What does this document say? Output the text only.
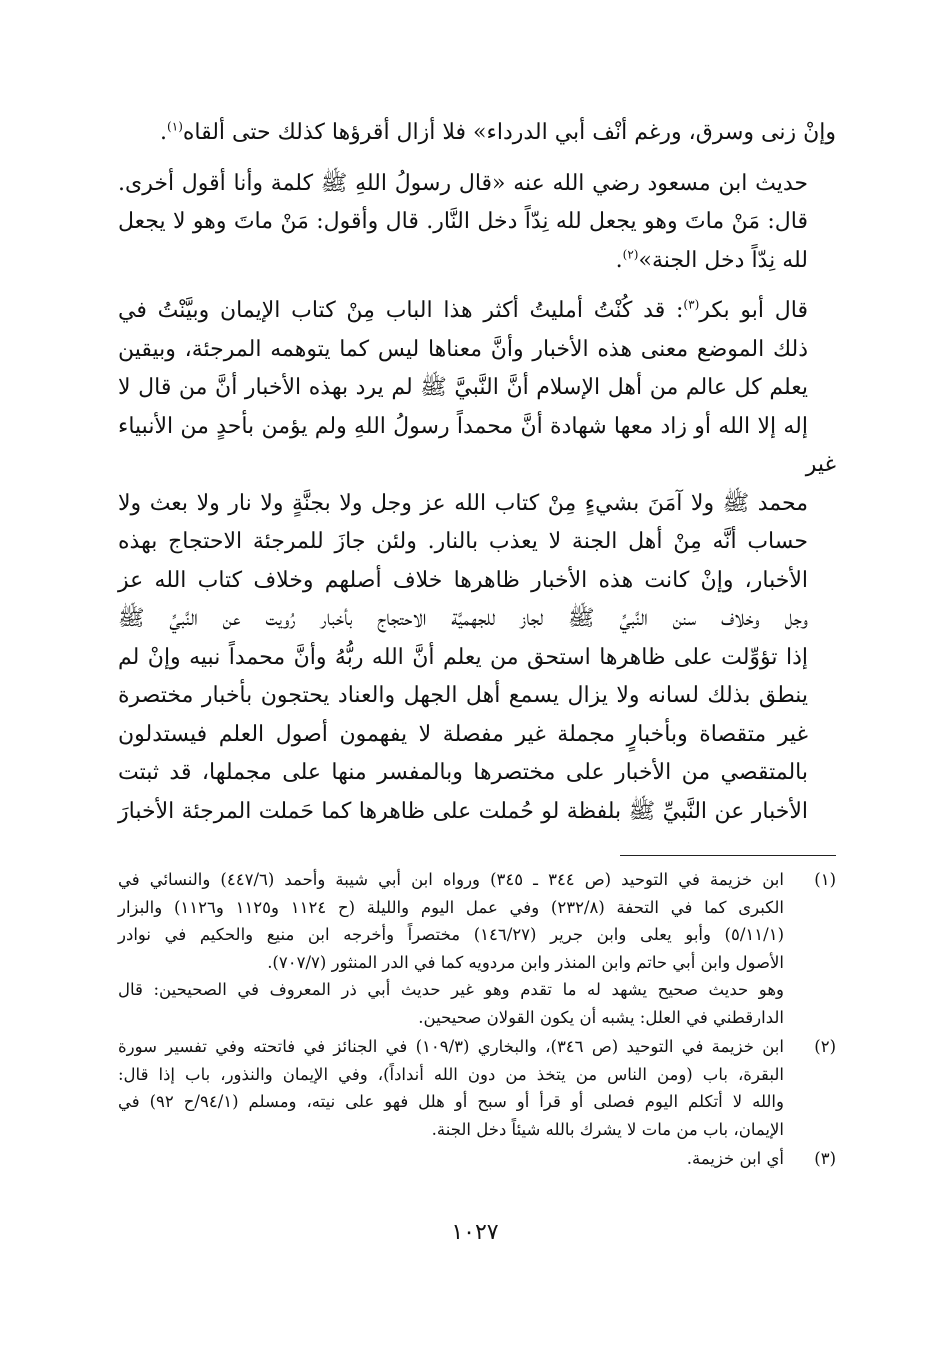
وإنْ زنى وسرق، ورغم أنْف أبي الدرداء» فلا أزال أقرؤها كذلك حتى ألقاه$^{(١)}$.

حديث ابن مسعود رضي الله عنه «قال رسولُ اللهِ ﷺ كلمة وأنا أقول أخرى.
قال: مَنْ ماتَ وهو يجعل لله نِدّاً دخل النَّار. قال وأقول: مَنْ ماتَ وهو لا يجعل
لله نِدّاً دخل الجنة»$^{(٢)}$.

قال أبو بكر$^{(٣)}$: قد كُنْتُ أمليتُ أكثر هذا الباب مِنْ كتاب الإيمان وبيَّنْتُ في
ذلك الموضع معنى هذه الأخبار وأنَّ معناها ليس كما يتوهمه المرجئة، وبيقين
يعلم كل عالم من أهل الإسلام أنَّ النَّبيَّ ﷺ لم يرد بهذه الأخبار أنَّ من قال لا
إله إلا الله أو زاد معها شهادة أنَّ محمداً رسولُ اللهِ ولم يؤمن بأحدٍ من الأنبياء غير
محمد ﷺ ولا آمَنَ بشيءٍ مِنْ كتاب الله عز وجل ولا بجنَّةٍ ولا نار ولا بعث ولا
حساب أنَّه مِنْ أهل الجنة لا يعذب بالنار. ولئن جازَ للمرجئة الاحتجاج بهذه
الأخبار، وإنْ كانت هذه الأخبار ظاهرها خلاف أصلهم وخلاف كتاب الله عز
وجل وخلاف سنن النَّبيِّ ﷺ لجاز للجهميَّة الاحتجاج بأخبار رُويت عن النَّبيِّ ﷺ
إذا تؤوِّلت على ظاهرها استحق من يعلم أنَّ الله ربُّهُ وأنَّ محمداً نبيه وإنْ لم
ينطق بذلك لسانه ولا يزال يسمع أهل الجهل والعناد يحتجون بأخبار مختصرة
غير متقصاة وبأخبارٍ مجملة غير مفصلة لا يفهمون أصول العلم فيستدلون
بالمتقصي من الأخبار على مختصرها وبالمفسر منها على مجملها، قد ثبتت
الأخبار عن النَّبيِّ ﷺ بلفظة لو حُملت على ظاهرها كما حَملت المرجئة الأخبارَ

(١)
ابن خزيمة في التوحيد (ص ٣٤٤ ـ ٣٤٥) ورواه ابن أبي شيبة وأحمد (٤٤٧/٦) والنسائي في
الكبرى كما في التحفة (٢٣٢/٨) وفي عمل اليوم والليلة (ح ١١٢٤ و١١٢٥ و١١٢٦) والبزار
(٥/١١/١) وأبو يعلى وابن جرير (١٤٦/٢٧) مختصراً وأخرجه ابن منيع والحكيم في نوادر
الأصول وابن أبي حاتم وابن المنذر وابن مردويه كما في الدر المنثور (٧٠٧/٧).
وهو حديث صحيح يشهد له ما تقدم وهو غير حديث أبي ذر المعروف في الصحيحين: قال
الدارقطني في العلل: يشبه أن يكون القولان صحيحين.
(٢)
ابن خزيمة في التوحيد (ص ٣٤٦)، والبخاري (١٠٩/٣) في الجنائز في فاتحته وفي تفسير سورة
البقرة، باب (ومن الناس من يتخذ من دون الله أنداداً)، وفي الإيمان والنذور، باب إذا قال:
والله لا أتكلم اليوم فصلى أو قرأ أو سبح أو هلل فهو على نيته، ومسلم (٩٤/١/ح ٩٢) في
الإيمان، باب من مات لا يشرك بالله شيئاً دخل الجنة.
(٣)
أي ابن خزيمة.
١٠٢٧
